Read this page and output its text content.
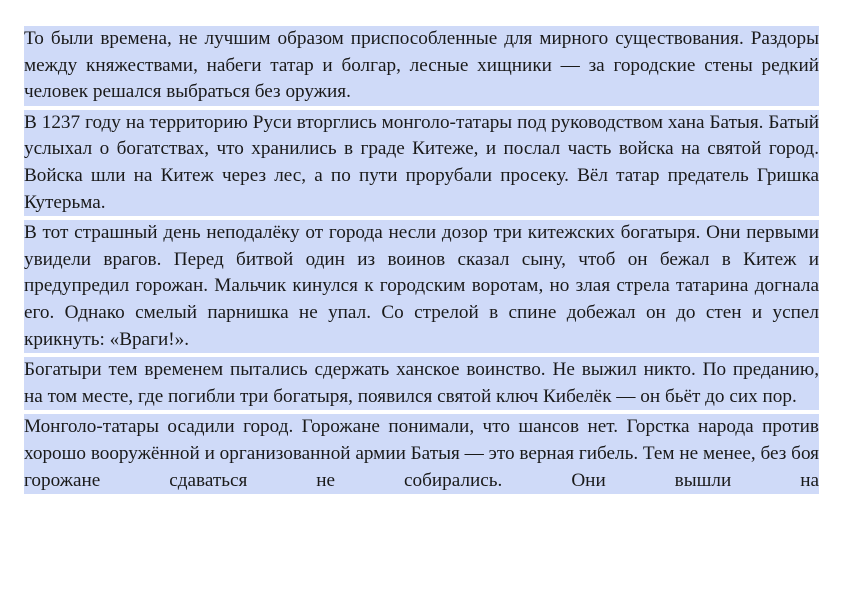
То были времена, не лучшим образом приспособленные для мирного существования. Раздоры между княжествами, набеги татар и болгар, лесные хищники — за городские стены редкий человек решался выбраться без оружия.

В 1237 году на территорию Руси вторглись монголо-татары под руководством хана Батыя. Батый услыхал о богатствах, что хранились в граде Китеже, и послал часть войска на святой город. Войска шли на Китеж через лес, а по пути прорубали просеку. Вёл татар предатель Гришка Кутерьма.

В тот страшный день неподалёку от города несли дозор три китежских богатыря. Они первыми увидели врагов. Перед битвой один из воинов сказал сыну, чтоб он бежал в Китеж и предупредил горожан. Мальчик кинулся к городским воротам, но злая стрела татарина догнала его. Однако смелый парнишка не упал. Со стрелой в спине добежал он до стен и успел крикнуть: «Враги!».

Богатыри тем временем пытались сдержать ханское воинство. Не выжил никто. По преданию, на том месте, где погибли три богатыря, появился святой ключ Кибелёк — он бьёт до сих пор.

Монголо-татары осадили город. Горожане понимали, что шансов нет. Горстка народа против хорошо вооружённой и организованной армии Батыя — это верная гибель. Тем не менее, без боя горожане сдаваться не собирались. Они вышли на
